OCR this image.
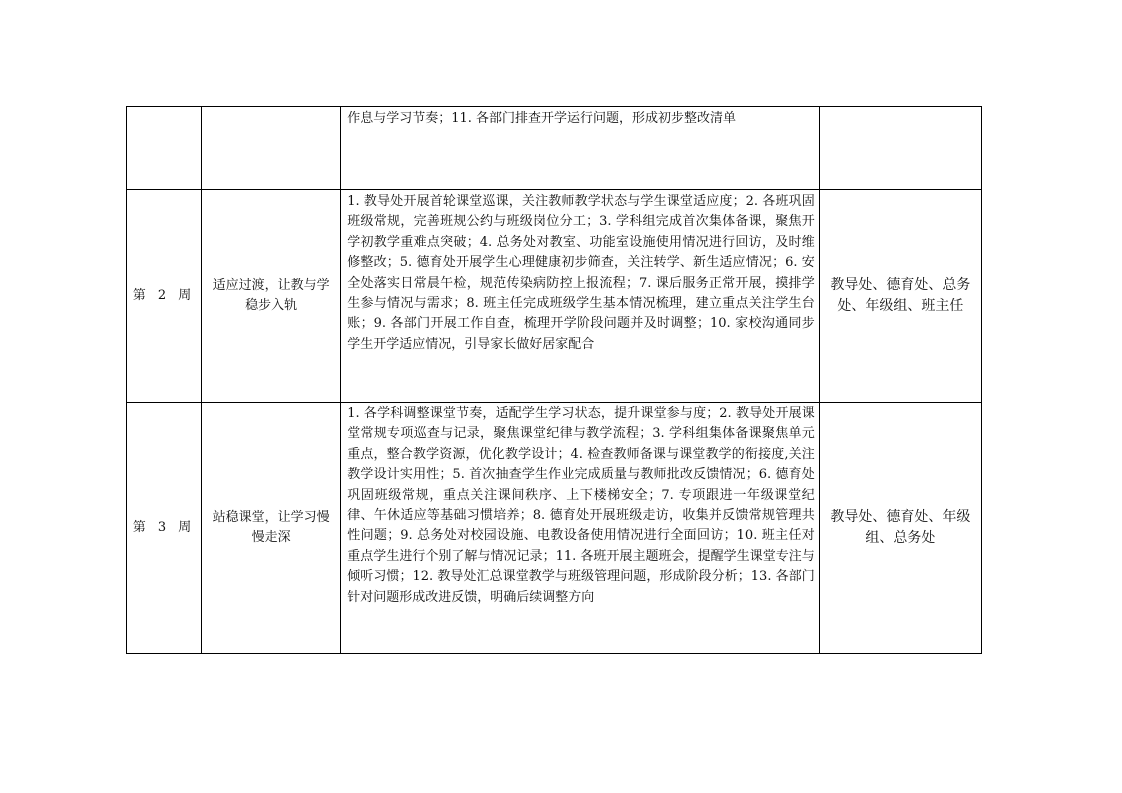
		作息与学习节奏；11. 各部门排查开学运行问题，形成初步整改清单	
第 2 周	适应过渡，让教与学稳步入轨	1. 教导处开展首轮课堂巡课，关注教师教学状态与学生课堂适应度；2. 各班巩固班级常规，完善班规公约与班级岗位分工；3. 学科组完成首次集体备课，聚焦开学初教学重难点突破；4. 总务处对教室、功能室设施使用情况进行回访，及时维修整改；5. 德育处开展学生心理健康初步筛查，关注转学、新生适应情况；6. 安全处落实日常晨午检，规范传染病防控上报流程；7. 课后服务正常开展，摸排学生参与情况与需求；8. 班主任完成班级学生基本情况梳理，建立重点关注学生台账；9. 各部门开展工作自查，梳理开学阶段问题并及时调整；10. 家校沟通同步学生开学适应情况，引导家长做好居家配合	教导处、德育处、总务处、年级组、班主任
第 3 周	站稳课堂，让学习慢慢走深	1. 各学科调整课堂节奏，适配学生学习状态，提升课堂参与度；2. 教导处开展课堂常规专项巡查与记录，聚焦课堂纪律与教学流程；3. 学科组集体备课聚焦单元重点，整合教学资源，优化教学设计；4. 检查教师备课与课堂教学的衔接度,关注教学设计实用性；5. 首次抽查学生作业完成质量与教师批改反馈情况；6. 德育处巩固班级常规，重点关注课间秩序、上下楼梯安全；7. 专项跟进一年级课堂纪律、午休适应等基础习惯培养；8. 德育处开展班级走访，收集并反馈常规管理共性问题；9. 总务处对校园设施、电教设备使用情况进行全面回访；10. 班主任对重点学生进行个别了解与情况记录；11. 各班开展主题班会，提醒学生课堂专注与倾听习惯；12. 教导处汇总课堂教学与班级管理问题，形成阶段分析；13. 各部门针对问题形成改进反馈，明确后续调整方向	教导处、德育处、年级组、总务处
